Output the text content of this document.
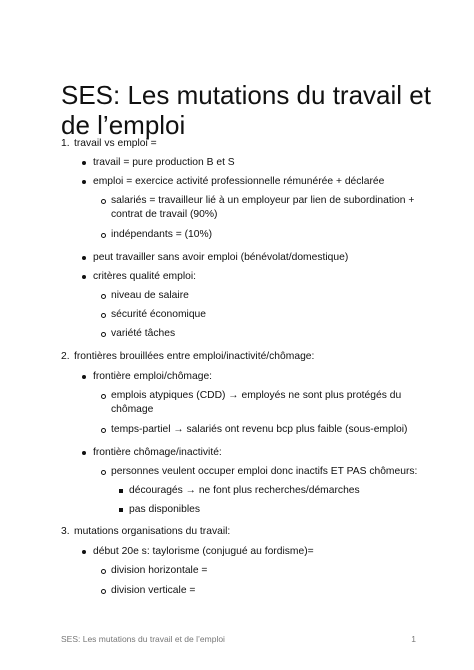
SES: Les mutations du travail et
de l’emploi
1. travail vs emploi =
travail = pure production B et S
emploi = exercice activité professionnelle rémunérée + déclarée
salariés = travailleur lié à un employeur par lien de subordination +
contrat de travail (90%)
indépendants = (10%)
peut travailler sans avoir emploi (bénévolat/domestique)
critères qualité emploi:
niveau de salaire
sécurité économique
variété tâches
2. frontières brouillées entre emploi/inactivité/chômage:
frontière emploi/chômage:
emplois atypiques (CDD) → employés ne sont plus protégés du
chômage
temps-partiel → salariés ont revenu bcp plus faible (sous-emploi)
frontière chômage/inactivité:
personnes veulent occuper emploi donc inactifs ET PAS chômeurs:
découragés → ne font plus recherches/démarches
pas disponibles
3. mutations organisations du travail:
début 20e s: taylorisme (conjugué au fordisme)=
division horizontale =
division verticale =
SES: Les mutations du travail et de l’emploi	1
